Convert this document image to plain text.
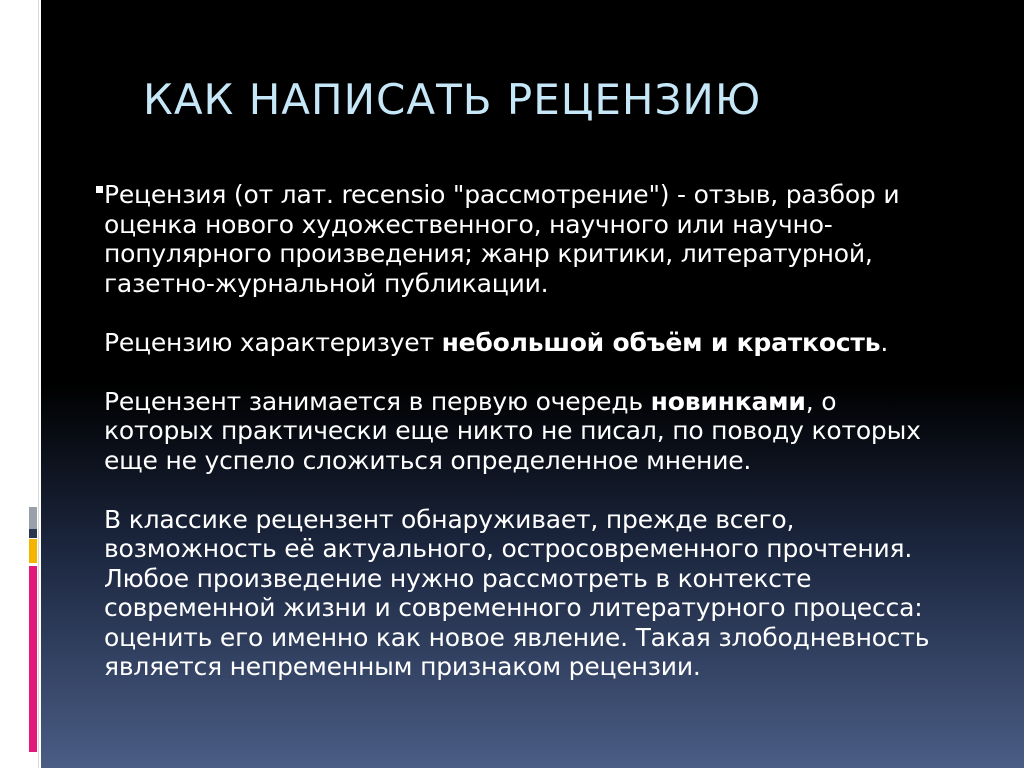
КАК НАПИСАТЬ РЕЦЕНЗИЮ

Рецензия (от лат. recensio "рассмотрение") - отзыв, разбор и
оценка нового художественного, научного или научно-
популярного произведения; жанр критики, литературной,
газетно-журнальной публикации.

Рецензию характеризует небольшой объём и краткость.

Рецензент занимается в первую очередь новинками, о
которых практически еще никто не писал, по поводу которых
еще не успело сложиться определенное мнение.

В классике рецензент обнаруживает, прежде всего,
возможность её актуального, остросовременного прочтения.
Любое произведение нужно рассмотреть в контексте
современной жизни и современного литературного процесса:
оценить его именно как новое явление. Такая злободневность
является непременным признаком рецензии.
